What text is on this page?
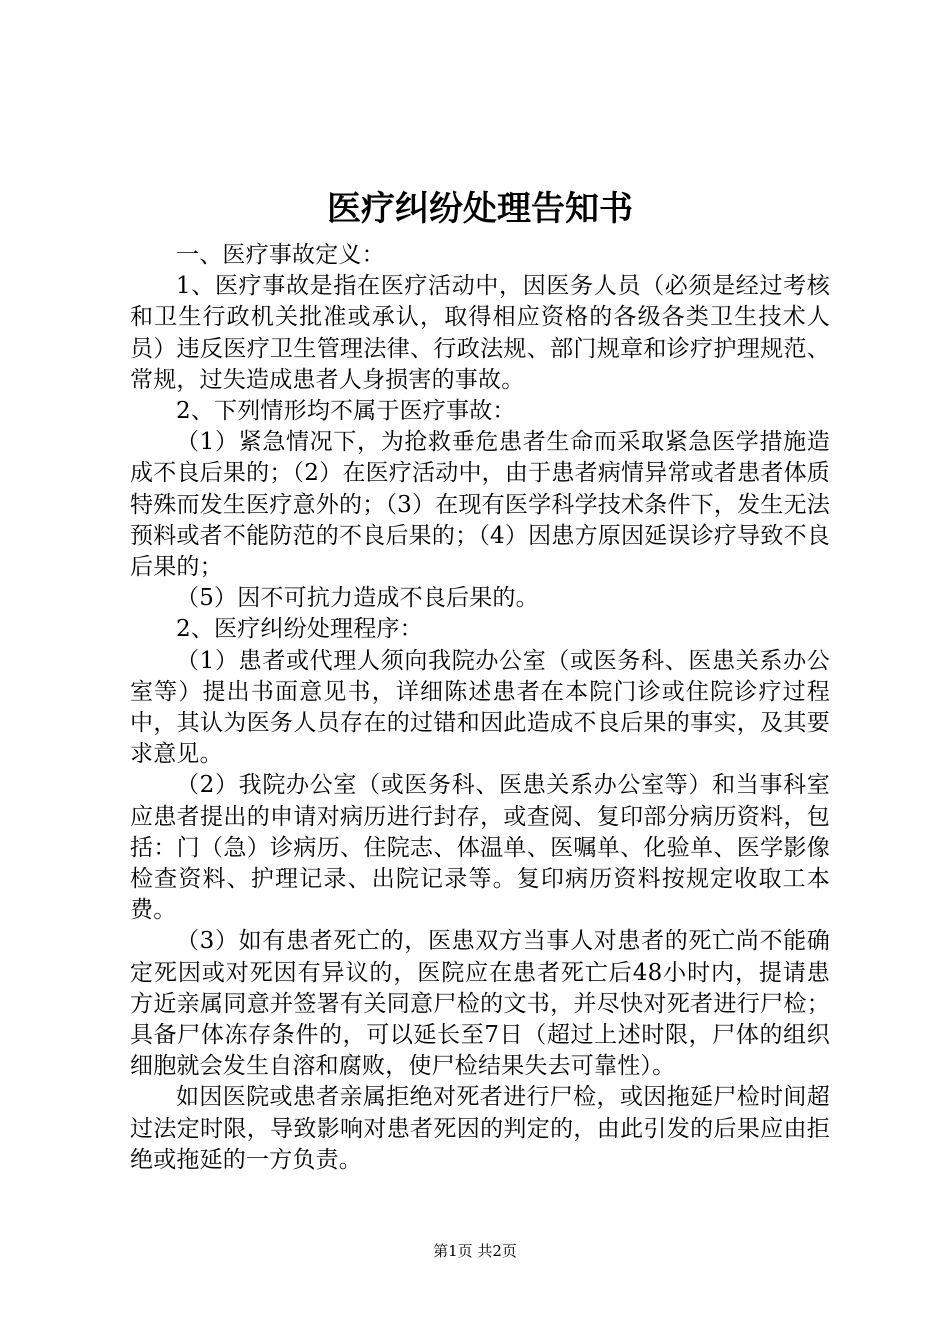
医疗纠纷处理告知书

一、医疗事故定义：

1、医疗事故是指在医疗活动中，因医务人员（必须是经过考核和卫生行政机关批准或承认，取得相应资格的各级各类卫生技术人员）违反医疗卫生管理法律、行政法规、部门规章和诊疗护理规范、常规，过失造成患者人身损害的事故。

2、下列情形均不属于医疗事故：

（1）紧急情况下，为抢救垂危患者生命而采取紧急医学措施造成不良后果的；（2）在医疗活动中，由于患者病情异常或者患者体质特殊而发生医疗意外的；（3）在现有医学科学技术条件下，发生无法预料或者不能防范的不良后果的；（4）因患方原因延误诊疗导致不良后果的；

（5）因不可抗力造成不良后果的。

2、医疗纠纷处理程序：

（1）患者或代理人须向我院办公室（或医务科、医患关系办公室等）提出书面意见书，详细陈述患者在本院门诊或住院诊疗过程中，其认为医务人员存在的过错和因此造成不良后果的事实，及其要求意见。

（2）我院办公室（或医务科、医患关系办公室等）和当事科室应患者提出的申请对病历进行封存，或查阅、复印部分病历资料，包括：门（急）诊病历、住院志、体温单、医嘱单、化验单、医学影像检查资料、护理记录、出院记录等。复印病历资料按规定收取工本费。

（3）如有患者死亡的，医患双方当事人对患者的死亡尚不能确定死因或对死因有异议的，医院应在患者死亡后48小时内，提请患方近亲属同意并签署有关同意尸检的文书，并尽快对死者进行尸检；具备尸体冻存条件的，可以延长至7日（超过上述时限，尸体的组织细胞就会发生自溶和腐败，使尸检结果失去可靠性）。

如因医院或患者亲属拒绝对死者进行尸检，或因拖延尸检时间超过法定时限，导致影响对患者死因的判定的，由此引发的后果应由拒绝或拖延的一方负责。

第1页 共2页
